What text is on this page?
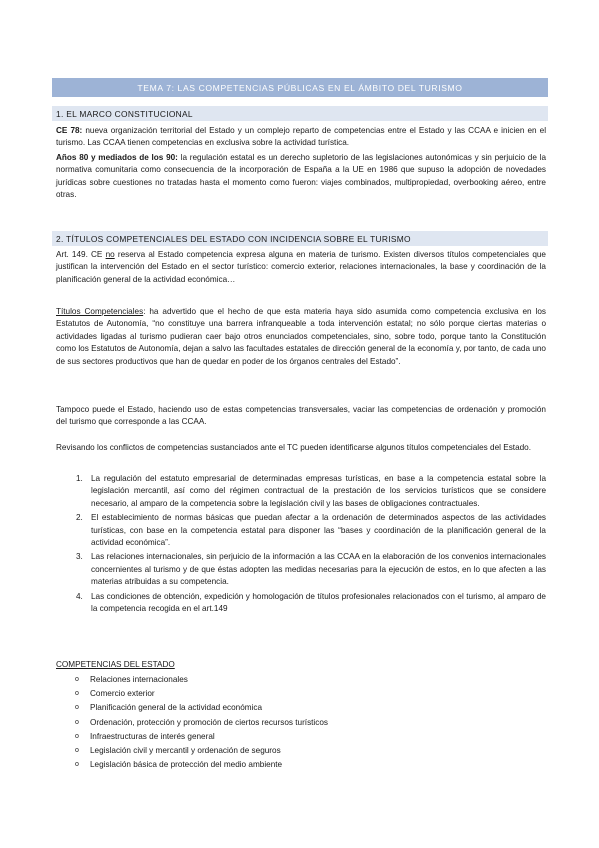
TEMA 7: LAS COMPETENCIAS PÚBLICAS EN EL ÁMBITO DEL TURISMO
1. EL MARCO CONSTITUCIONAL

CE 78: nueva organización territorial del Estado y un complejo reparto de competencias entre el Estado y las CCAA e inicien en el turismo. Las CCAA tienen competencias en exclusiva sobre la actividad turística.

Años 80 y mediados de los 90: la regulación estatal es un derecho supletorio de las legislaciones autonómicas y sin perjuicio de la normativa comunitaria como consecuencia de la incorporación de España a la UE en 1986 que supuso la adopción de novedades jurídicas sobre cuestiones no tratadas hasta el momento como fueron: viajes combinados, multipropiedad, overbooking aéreo, entre otras.

2. TÍTULOS COMPETENCIALES DEL ESTADO CON INCIDENCIA SOBRE EL TURISMO

Art. 149. CE no reserva al Estado competencia expresa alguna en materia de turismo. Existen diversos títulos competenciales que justifican la intervención del Estado en el sector turístico: comercio exterior, relaciones internacionales, la base y coordinación de la planificación general de la actividad económica…

Títulos Competenciales: ha advertido que el hecho de que esta materia haya sido asumida como competencia exclusiva en los Estatutos de Autonomía, “no constituye una barrera infranqueable a toda intervención estatal; no sólo porque ciertas materias o actividades ligadas al turismo pudieran caer bajo otros enunciados competenciales, sino, sobre todo, porque tanto la Constitución como los Estatutos de Autonomía, dejan a salvo las facultades estatales de dirección general de la economía y, por tanto, de cada uno de sus sectores productivos que han de quedar en poder de los órganos centrales del Estado”.

Tampoco puede el Estado, haciendo uso de estas competencias transversales, vaciar las competencias de ordenación y promoción del turismo que corresponde a las CCAA.

Revisando los conflictos de competencias sustanciados ante el TC pueden identificarse algunos títulos competenciales del Estado.

1. La regulación del estatuto empresarial de determinadas empresas turísticas, en base a la competencia estatal sobre la legislación mercantil, así como del régimen contractual de la prestación de los servicios turísticos que se considere necesario, al amparo de la competencia sobre la legislación civil y las bases de obligaciones contractuales.
2. El establecimiento de normas básicas que puedan afectar a la ordenación de determinados aspectos de las actividades turísticas, con base en la competencia estatal para disponer las “bases y coordinación de la planificación general de la actividad económica”.
3. Las relaciones internacionales, sin perjuicio de la información a las CCAA en la elaboración de los convenios internacionales concernientes al turismo y de que éstas adopten las medidas necesarias para la ejecución de estos, en lo que afecten a las materias atribuidas a su competencia.
4. Las condiciones de obtención, expedición y homologación de títulos profesionales relacionados con el turismo, al amparo de la competencia recogida en el art.149

COMPETENCIAS DEL ESTADO

o Relaciones internacionales
o Comercio exterior
o Planificación general de la actividad económica
o Ordenación, protección y promoción de ciertos recursos turísticos
o Infraestructuras de interés general
o Legislación civil y mercantil y ordenación de seguros
o Legislación básica de protección del medio ambiente
